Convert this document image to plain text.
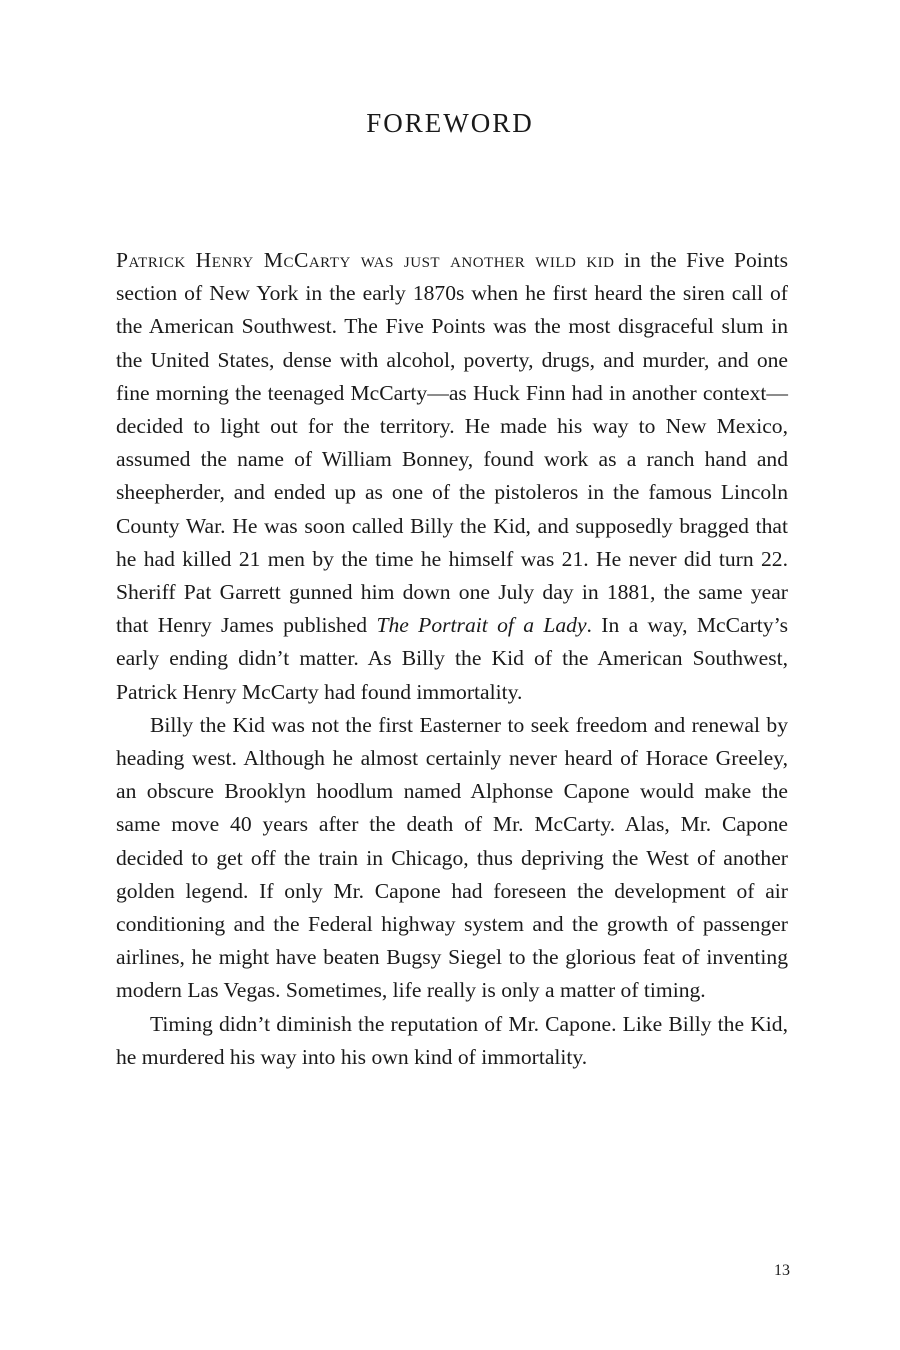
FOREWORD

Patrick Henry McCarty was just another wild kid in the Five Points section of New York in the early 1870s when he first heard the siren call of the American Southwest. The Five Points was the most disgraceful slum in the United States, dense with alcohol, poverty, drugs, and murder, and one fine morning the teenaged McCarty—as Huck Finn had in another context—decided to light out for the territory. He made his way to New Mexico, assumed the name of William Bonney, found work as a ranch hand and sheepherder, and ended up as one of the pistoleros in the famous Lincoln County War. He was soon called Billy the Kid, and supposedly bragged that he had killed 21 men by the time he himself was 21. He never did turn 22. Sheriff Pat Garrett gunned him down one July day in 1881, the same year that Henry James published The Portrait of a Lady. In a way, McCarty’s early ending didn’t matter. As Billy the Kid of the American Southwest, Patrick Henry McCarty had found immortality.

Billy the Kid was not the first Easterner to seek freedom and renewal by heading west. Although he almost certainly never heard of Horace Greeley, an obscure Brooklyn hoodlum named Alphonse Capone would make the same move 40 years after the death of Mr. McCarty. Alas, Mr. Capone decided to get off the train in Chicago, thus depriving the West of another golden legend. If only Mr. Capone had foreseen the development of air conditioning and the Federal highway system and the growth of passenger airlines, he might have beaten Bugsy Siegel to the glorious feat of inventing modern Las Vegas. Sometimes, life really is only a matter of timing.

Timing didn’t diminish the reputation of Mr. Capone. Like Billy the Kid, he murdered his way into his own kind of immortality.

13
